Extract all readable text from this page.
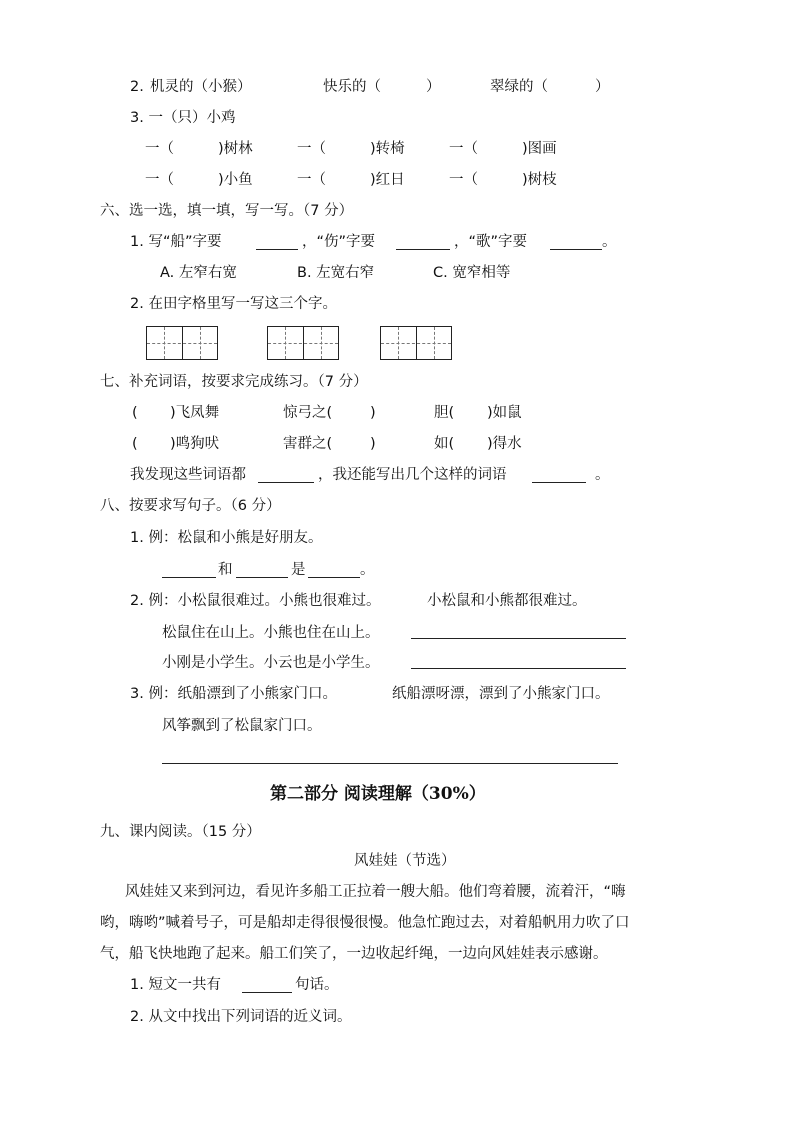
2. 机灵的（小猴）	快乐的（	）	翠绿的（	）
3. 一（只）小鸡
一（	)树林	一（	)转椅	一（	)图画
一（	)小鱼	一（	)红日	一（	)树枝
六、选一选，填一填，写一写。（7 分）
1. 写“船”字要	，“伤”字要	，“歌”字要	。
A. 左窄右宽	B. 左宽右窄	C. 宽窄相等
2. 在田字格里写一写这三个字。
七、补充词语，按要求完成练习。（7 分）
( )飞凤舞	惊弓之(	)	胆( )如鼠
( )鸣狗吠	害群之(	)	如( )得水
我发现这些词语都	，我还能写出几个这样的词语	。
八、按要求写句子。（6 分）
1. 例：松鼠和小熊是好朋友。
和	是	。
2. 例：小松鼠很难过。小熊也很难过。	小松鼠和小熊都很难过。
松鼠住在山上。小熊也住在山上。
小刚是小学生。小云也是小学生。
3. 例：纸船漂到了小熊家门口。	纸船漂呀漂，漂到了小熊家门口。
风筝飘到了松鼠家门口。
第二部分 阅读理解（30%）
九、课内阅读。（15 分）
风娃娃（节选）
风娃娃又来到河边，看见许多船工正拉着一艘大船。他们弯着腰，流着汗，“嗨
哟，嗨哟”喊着号子，可是船却走得很慢很慢。他急忙跑过去，对着船帆用力吹了口
气，船飞快地跑了起来。船工们笑了，一边收起纤绳，一边向风娃娃表示感谢。
1. 短文一共有	句话。
2. 从文中找出下列词语的近义词。
